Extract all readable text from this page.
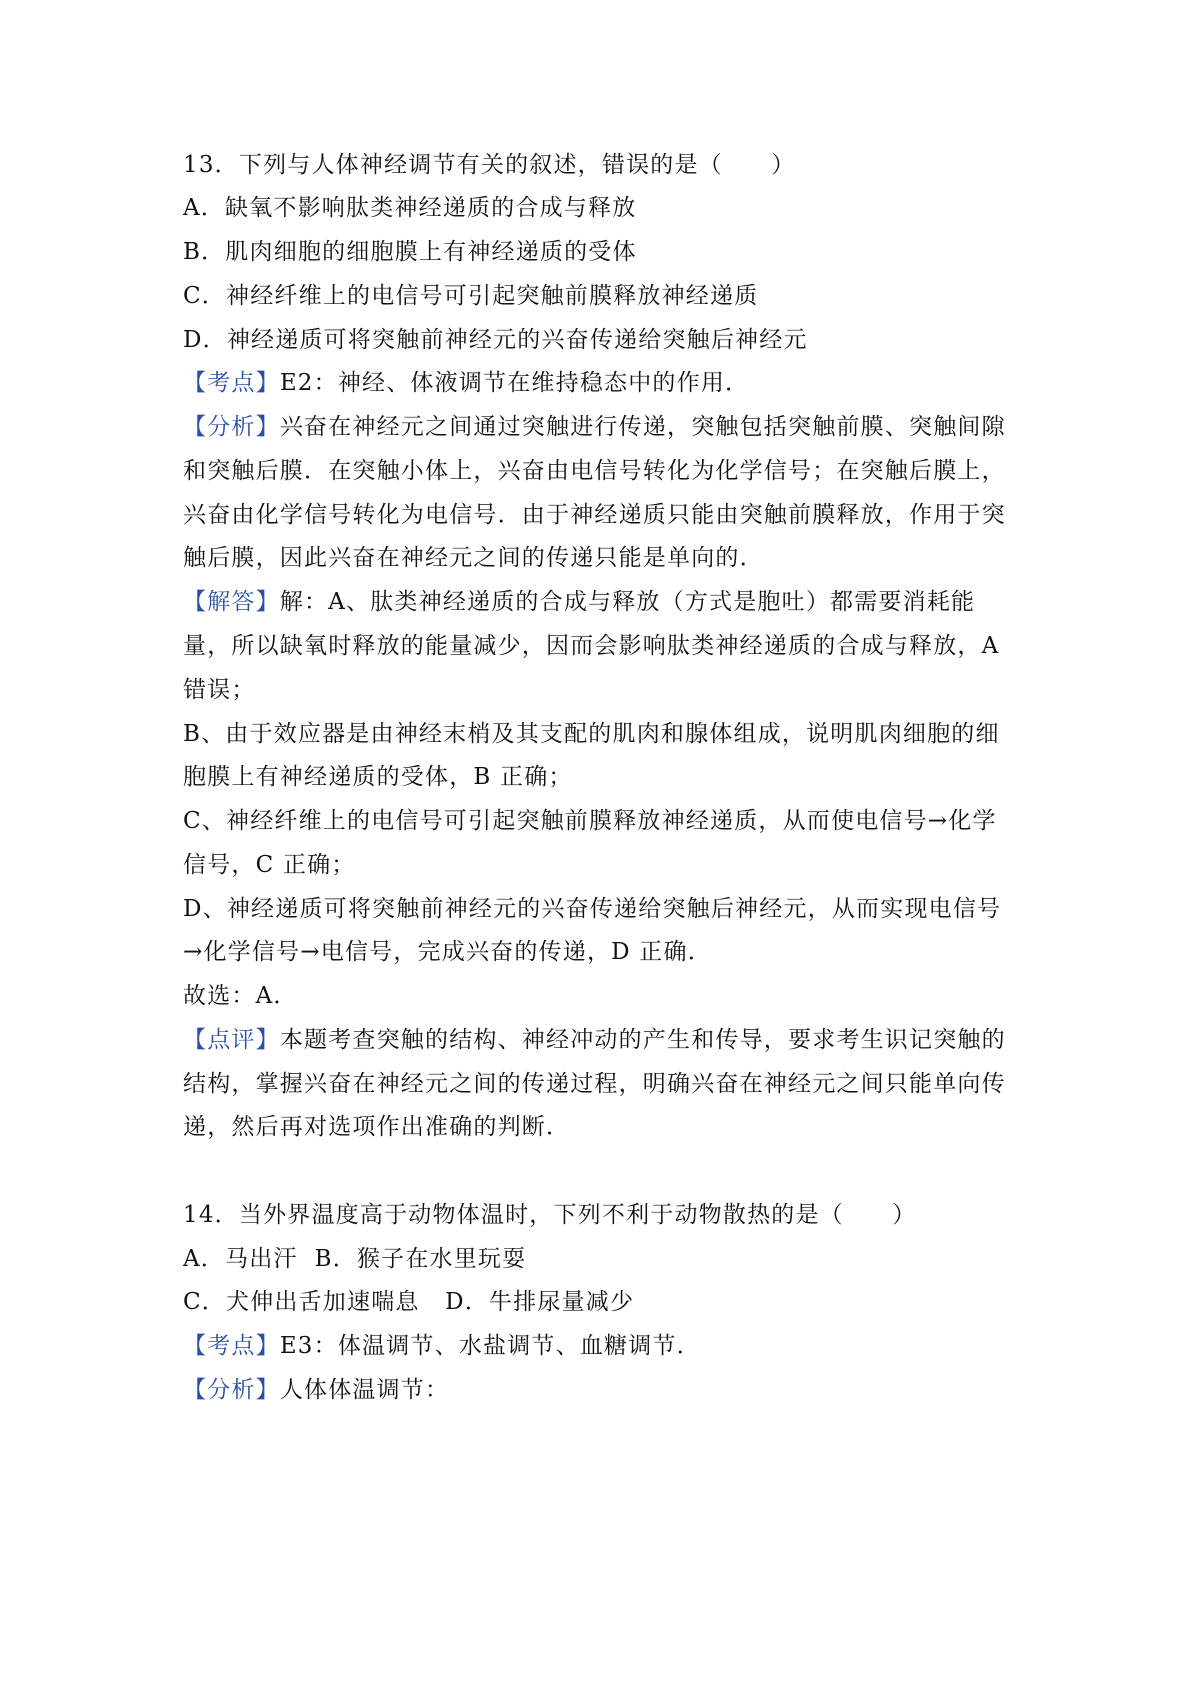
13．下列与人体神经调节有关的叙述，错误的是（　　）
A．缺氧不影响肽类神经递质的合成与释放
B．肌肉细胞的细胞膜上有神经递质的受体
C．神经纤维上的电信号可引起突触前膜释放神经递质
D．神经递质可将突触前神经元的兴奋传递给突触后神经元
【考点】E2：神经、体液调节在维持稳态中的作用．
【分析】兴奋在神经元之间通过突触进行传递，突触包括突触前膜、突触间隙
和突触后膜．在突触小体上，兴奋由电信号转化为化学信号；在突触后膜上，
兴奋由化学信号转化为电信号．由于神经递质只能由突触前膜释放，作用于突
触后膜，因此兴奋在神经元之间的传递只能是单向的．
【解答】解：A、肽类神经递质的合成与释放（方式是胞吐）都需要消耗能
量，所以缺氧时释放的能量减少，因而会影响肽类神经递质的合成与释放，A
错误；
B、由于效应器是由神经末梢及其支配的肌肉和腺体组成，说明肌肉细胞的细
胞膜上有神经递质的受体，B 正确；
C、神经纤维上的电信号可引起突触前膜释放神经递质，从而使电信号→化学
信号，C 正确；
D、神经递质可将突触前神经元的兴奋传递给突触后神经元，从而实现电信号
→化学信号→电信号，完成兴奋的传递，D 正确．
故选：A．
【点评】本题考查突触的结构、神经冲动的产生和传导，要求考生识记突触的
结构，掌握兴奋在神经元之间的传递过程，明确兴奋在神经元之间只能单向传
递，然后再对选项作出准确的判断．
14．当外界温度高于动物体温时，下列不利于动物散热的是（　　）
A．马出汗  B．猴子在水里玩耍
C．犬伸出舌加速喘息   D．牛排尿量减少
【考点】E3：体温调节、水盐调节、血糖调节．
【分析】人体体温调节：
